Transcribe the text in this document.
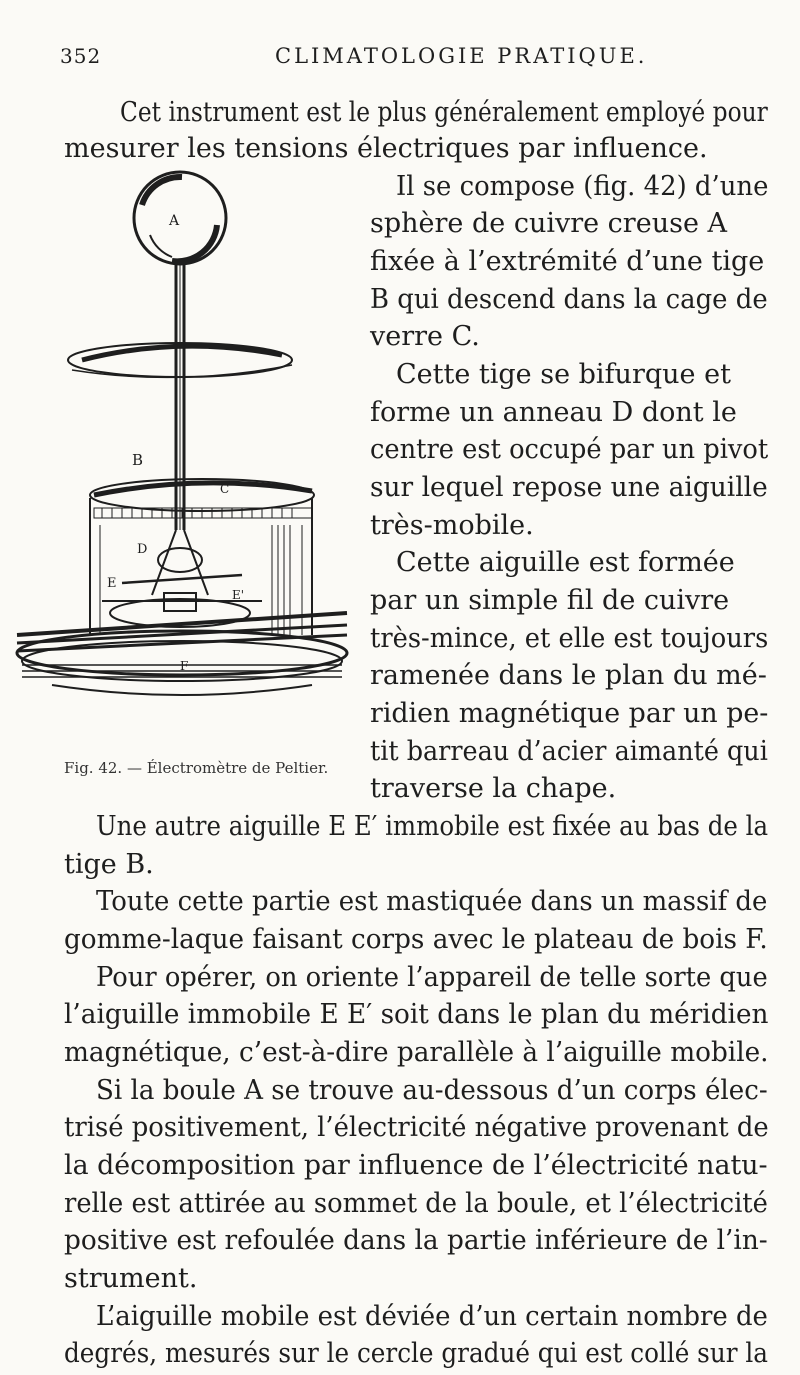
352	CLIMATOLOGIE PRATIQUE.
A
B
C
D
E
E'
F
Fig. 42. — Électromètre de Peltier.
Cet instrument est le plus généralement employé pour
mesurer les tensions électriques par influence.
Il se compose (fig. 42) d’une
sphère de cuivre creuse A
fixée à l’extrémité d’une tige
B qui descend dans la cage de
verre C.
Cette tige se bifurque et
forme un anneau D dont le
centre est occupé par un pivot
sur lequel repose une aiguille
très-mobile.
Cette aiguille est formée
par un simple fil de cuivre
très-mince, et elle est toujours
ramenée dans le plan du mé-
ridien magnétique par un pe-
tit barreau d’acier aimanté qui
traverse la chape.
Une autre aiguille E E′ immobile est fixée au bas de la
tige B.
Toute cette partie est mastiquée dans un massif de
gomme-laque faisant corps avec le plateau de bois F.
Pour opérer, on oriente l’appareil de telle sorte que
l’aiguille immobile E E′ soit dans le plan du méridien
magnétique, c’est-à-dire parallèle à l’aiguille mobile.
Si la boule A se trouve au-dessous d’un corps élec-
trisé positivement, l’électricité négative provenant de
la décomposition par influence de l’électricité natu-
relle est attirée au sommet de la boule, et l’électricité
positive est refoulée dans la partie inférieure de l’in-
strument.
L’aiguille mobile est déviée d’un certain nombre de
degrés, mesurés sur le cercle gradué qui est collé sur la
